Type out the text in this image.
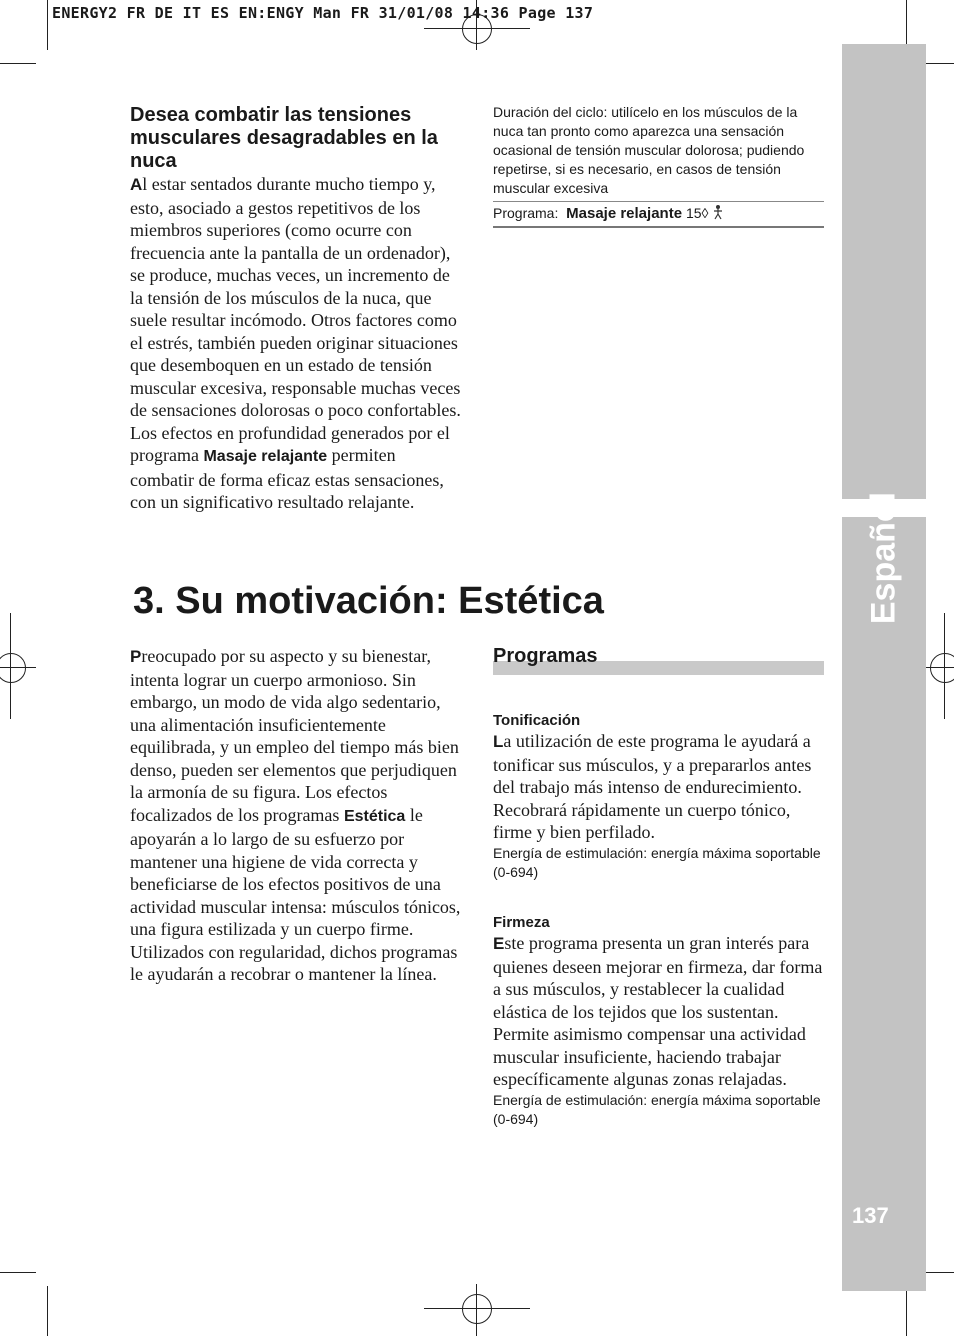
ENERGY2 FR DE IT ES EN:ENGY Man FR 31/01/08 14:36 Page 137
Español
137
Desea combatir las tensiones musculares desagradables en la nuca
Al estar sentados durante mucho tiempo y, esto, asociado a gestos repetitivos de los miembros superiores (como ocurre con frecuencia ante la pantalla de un ordenador), se produce, muchas veces, un incremento de la tensión de los músculos de la nuca, que suele resultar incómodo. Otros factores como el estrés, también pueden originar situaciones que desemboquen en un estado de tensión muscular excesiva, responsable muchas veces de sensaciones dolorosas o poco confortables. Los efectos en profundidad generados por el programa Masaje relajante permiten combatir de forma eficaz estas sensaciones, con un significativo resultado relajante.
Duración del ciclo: utilícelo en los músculos de la nuca tan pronto como aparezca una sensación ocasional de tensión muscular dolorosa; pudiendo repetirse, si es necesario, en casos de tensión muscular excesiva
Programa: Masaje relajante 15◊
3. Su motivación: Estética
Preocupado por su aspecto y su bienestar, intenta lograr un cuerpo armonioso. Sin embargo, un modo de vida algo sedentario, una alimentación insuficientemente equilibrada, y un empleo del tiempo más bien denso, pueden ser elementos que perjudiquen la armonía de su figura. Los efectos focalizados de los programas Estética le apoyarán a lo largo de su esfuerzo por mantener una higiene de vida correcta y beneficiarse de los efectos positivos de una actividad muscular intensa: músculos tónicos, una figura estilizada y un cuerpo firme. Utilizados con regularidad, dichos programas le ayudarán a recobrar o mantener la línea.
Programas
Tonificación
La utilización de este programa le ayudará a tonificar sus músculos, y a prepararlos antes del trabajo más intenso de endurecimiento. Recobrará rápidamente un cuerpo tónico, firme y bien perfilado.
Energía de estimulación: energía máxima soportable (0-694)
Firmeza
Este programa presenta un gran interés para quienes deseen mejorar en firmeza, dar forma a sus músculos, y restablecer la cualidad elástica de los tejidos que los sustentan. Permite asimismo compensar una actividad muscular insuficiente, haciendo trabajar específicamente algunas zonas relajadas.
Energía de estimulación: energía máxima soportable (0-694)
